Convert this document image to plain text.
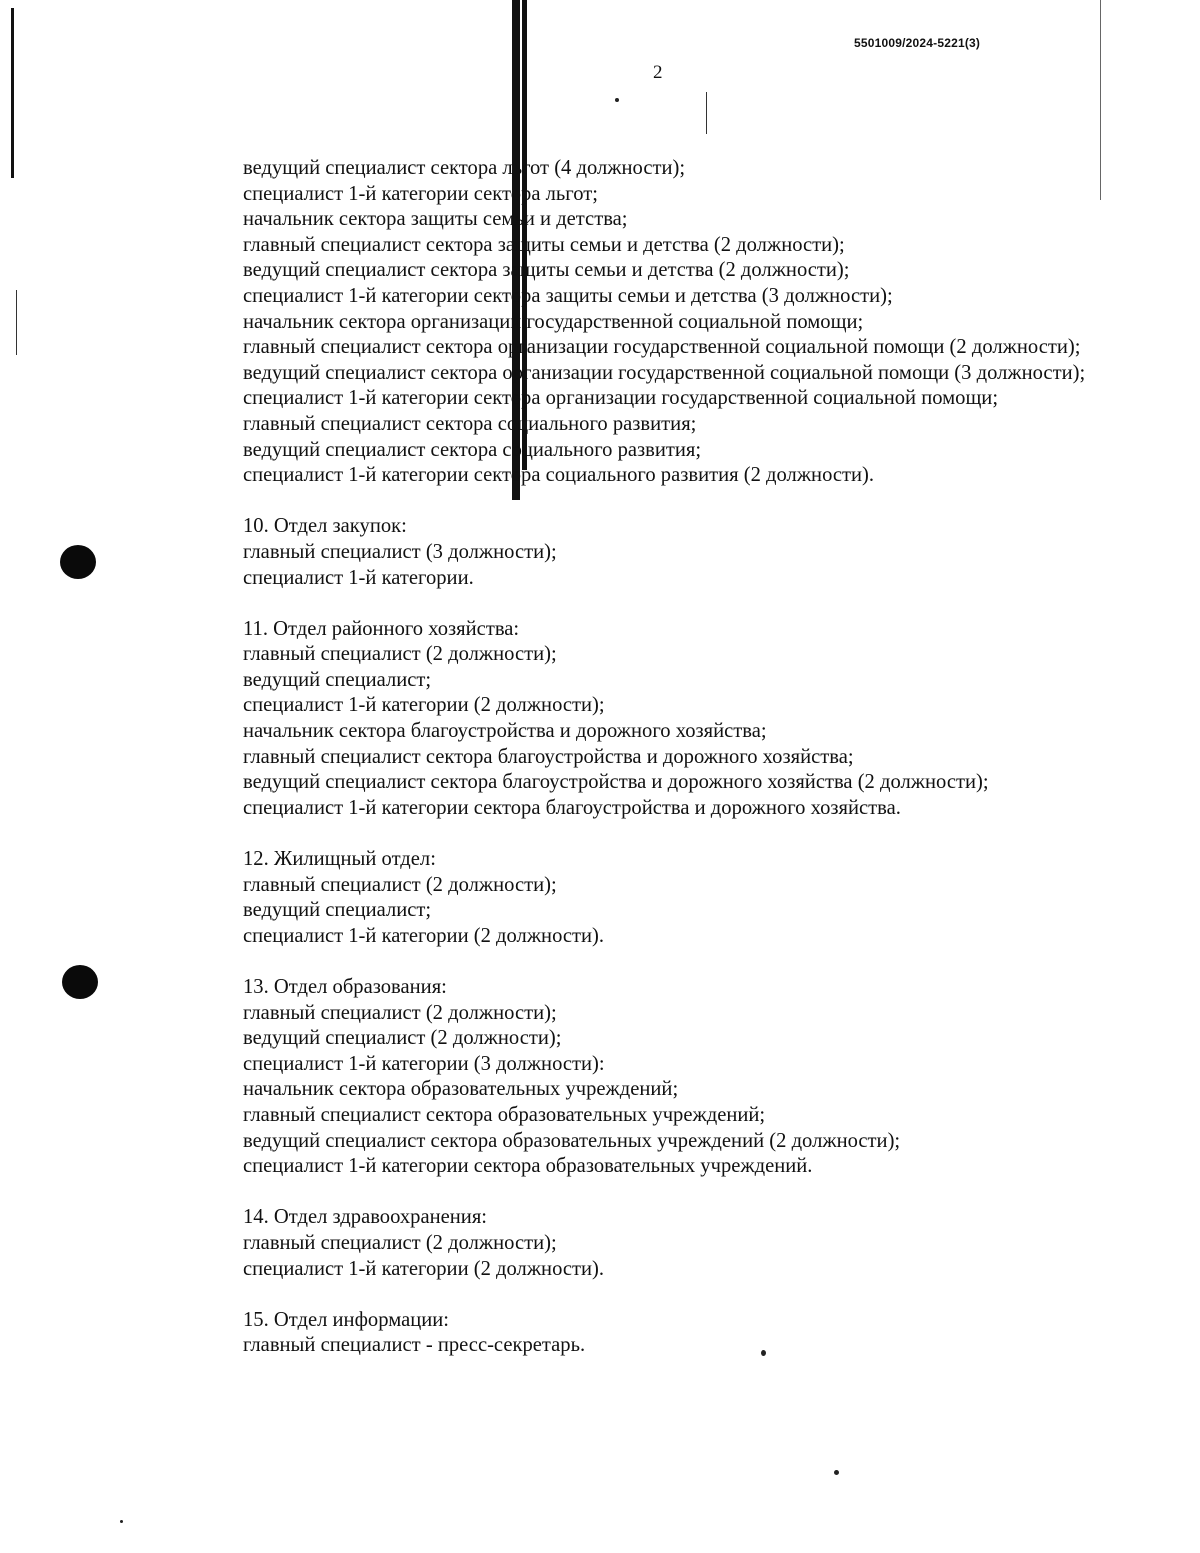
5501009/2024-5221(3)
2
ведущий специалист сектора льгот (4 должности);
специалист 1-й категории сектора льгот;
начальник сектора защиты семьи и детства;
главный специалист сектора защиты семьи и детства (2 должности);
ведущий специалист сектора защиты семьи и детства (2 должности);
специалист 1-й категории сектора защиты семьи и детства (3 должности);
начальник сектора организации государственной социальной помощи;
главный специалист сектора организации государственной социальной помощи (2 должности);
ведущий специалист сектора организации государственной социальной помощи (3 должности);
специалист 1-й категории сектора организации государственной социальной помощи;
главный специалист сектора социального развития;
ведущий специалист сектора социального развития;
специалист 1-й категории сектора социального развития (2 должности).
10. Отдел закупок:
главный специалист (3 должности);
специалист 1-й категории.
11. Отдел районного хозяйства:
главный специалист (2 должности);
ведущий специалист;
специалист 1-й категории (2 должности);
начальник сектора благоустройства и дорожного хозяйства;
главный специалист сектора благоустройства и дорожного хозяйства;
ведущий специалист сектора благоустройства и дорожного хозяйства (2 должности);
специалист 1-й категории сектора благоустройства и дорожного хозяйства.
12. Жилищный отдел:
главный специалист (2 должности);
ведущий специалист;
специалист 1-й категории (2 должности).
13. Отдел образования:
главный специалист (2 должности);
ведущий специалист (2 должности);
специалист 1-й категории (3 должности):
начальник сектора образовательных учреждений;
главный специалист сектора образовательных учреждений;
ведущий специалист сектора образовательных учреждений (2 должности);
специалист 1-й категории сектора образовательных учреждений.
14. Отдел здравоохранения:
главный специалист (2 должности);
специалист 1-й категории (2 должности).
15. Отдел информации:
главный специалист - пресс-секретарь.
